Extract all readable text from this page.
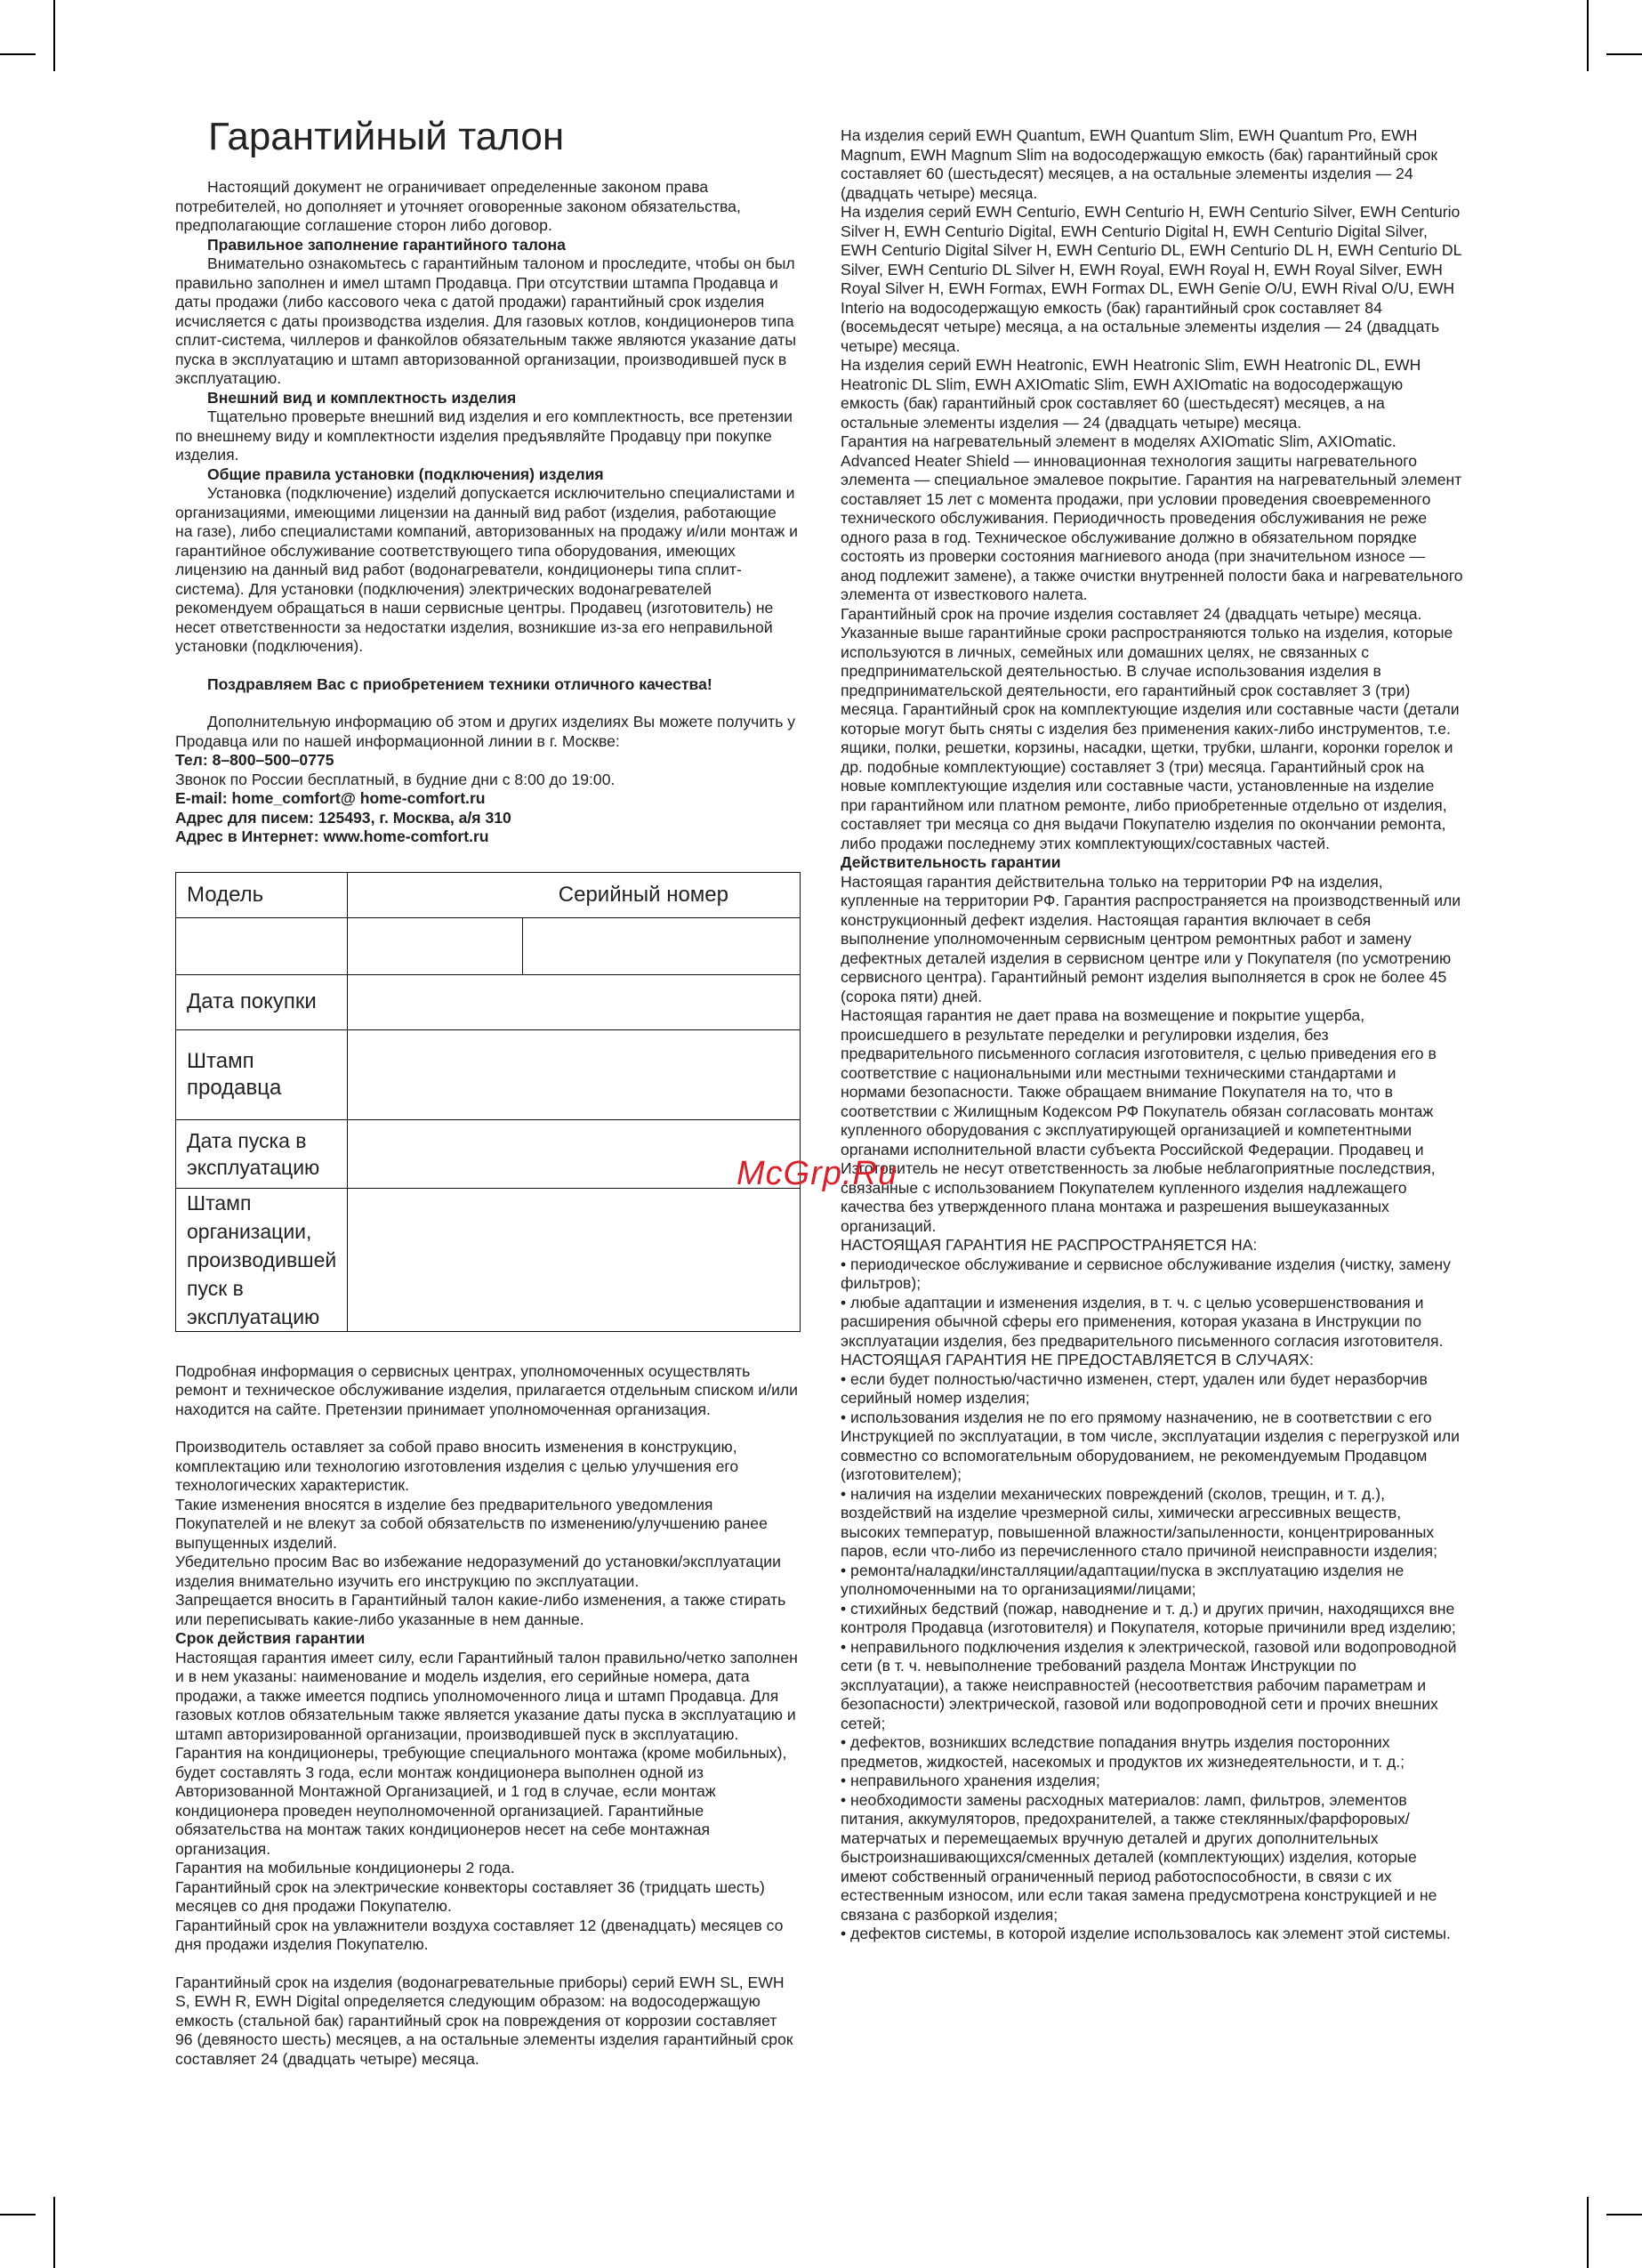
Гарантийный талон

Настоящий документ не ограничивает определенные законом права потребителей, но дополняет и уточняет оговоренные законом обязательства, предполагающие соглашение сторон либо договор.

Правильное заполнение гарантийного талона

Внимательно ознакомьтесь с гарантийным талоном и проследите, чтобы он был правильно заполнен и имел штамп Продавца. При отсутствии штампа Продавца и даты продажи (либо кассового чека с датой продажи) гарантийный срок изделия исчисляется с даты производства изделия. Для газовых котлов, кондиционеров типа сплит-система, чиллеров и фанкойлов обязательным также являются указание даты пуска в эксплуатацию и штамп авторизованной организации, производившей пуск в эксплуатацию.

Внешний вид и комплектность изделия

Тщательно проверьте внешний вид изделия и его комплектность, все претензии по внешнему виду и комплектности изделия предъявляйте Продавцу при покупке изделия.

Общие правила установки (подключения) изделия

Установка (подключение) изделий допускается исключительно специалистами и организациями, имеющими лицензии на данный вид работ (изделия, работающие на газе), либо специалистами компаний, авторизованных на продажу и/или монтаж и гарантийное обслуживание соответствующего типа оборудования, имеющих лицензию на данный вид работ (водонагреватели, кондиционеры типа сплит-система). Для установки (подключения) электрических водонагревателей рекомендуем обращаться в наши сервисные центры. Продавец (изготовитель) не несет ответственности за недостатки изделия, возникшие из-за его неправильной установки (подключения).

Поздравляем Вас с приобретением техники отличного качества!

Дополнительную информацию об этом и других изделиях Вы можете получить у Продавца или по нашей информационной линии в г. Москве:

Тел: 8–800–500–0775

Звонок по России бесплатный, в будние дни с 8:00 до 19:00.

E-mail: home_comfort@ home-comfort.ru

Адрес для писем: 125493, г. Москва, а/я 310

Адрес в Интернет: www.home-comfort.ru

Модель	Серийный номер	

Дата покупки		
Штамп продавца		
Дата пуска в эксплуатацию		
Штамп организации, производившей пуск в эксплуатацию		

Подробная информация о сервисных центрах, уполномоченных осуществлять ремонт и техническое обслуживание изделия, прилагается отдельным списком и/или находится на сайте. Претензии принимает уполномоченная организация.

Производитель оставляет за собой право вносить изменения в конструкцию, комплектацию или технологию изготовления изделия с целью улучшения его технологических характеристик.

Такие изменения вносятся в изделие без предварительного уведомления Покупателей и не влекут за собой обязательств по изменению/улучшению ранее выпущенных изделий.

Убедительно просим Вас во избежание недоразумений до установки/эксплуатации изделия внимательно изучить его инструкцию по эксплуатации.

Запрещается вносить в Гарантийный талон какие-либо изменения, а также стирать или переписывать какие-либо указанные в нем данные.

Срок действия гарантии

Настоящая гарантия имеет силу, если Гарантийный талон правильно/четко заполнен и в нем указаны: наименование и модель изделия, его серийные номера, дата продажи, а также имеется подпись уполномоченного лица и штамп Продавца. Для газовых котлов обязательным также является указание даты пуска в эксплуатацию и штамп авторизированной организации, производившей пуск в эксплуатацию.

Гарантия на кондиционеры, требующие специального монтажа (кроме мобильных), будет составлять 3 года, если монтаж кондиционера выполнен одной из Авторизованной Монтажной Организацией, и 1 год в случае, если монтаж кондиционера проведен неуполномоченной организацией. Гарантийные обязательства на монтаж таких кондиционеров несет на себе монтажная организация.

Гарантия на мобильные кондиционеры 2 года.

Гарантийный срок на электрические конвекторы составляет 36 (тридцать шесть) месяцев со дня продажи Покупателю.

Гарантийный срок на увлажнители воздуха составляет 12 (двенадцать) месяцев со дня продажи изделия Покупателю.

Гарантийный срок на изделия (водонагревательные приборы) серий EWH SL, EWH S, EWH R, EWH Digital определяется следующим образом: на водосодержащую емкость (стальной бак) гарантийный срок на повреждения от коррозии составляет 96 (девяносто шесть) месяцев, а на остальные элементы изделия гарантийный срок составляет 24 (двадцать четыре) месяца.

На изделия серий EWH Quantum, EWH Quantum Slim, EWH Quantum Pro, EWH Magnum, EWH Magnum Slim на водосодержащую емкость (бак) гарантийный срок составляет 60 (шестьдесят) месяцев, а на остальные элементы изделия — 24 (двадцать четыре) месяца.

На изделия серий EWH Centurio, EWH Centurio H, EWH Centurio Silver, EWH Centurio Silver H, EWH Centurio Digital, EWH Centurio Digital H, EWH Centurio Digital Silver, EWH Centurio Digital Silver H, EWH Centurio DL, EWH Centurio DL H, EWH Centurio DL Silver, EWH Centurio DL Silver H, EWH Royal, EWH Royal H, EWH Royal Silver, EWH Royal Silver H, EWH Formax, EWH Formax DL, EWH Genie O/U, EWH Rival O/U, EWH Interio на водосодержащую емкость (бак) гарантийный срок составляет 84 (восемьдесят четыре) месяца, а на остальные элементы изделия — 24 (двадцать четыре) месяца.

На изделия серий EWH Heatronic, EWH Heatronic Slim, EWH Heatronic DL, EWH Heatronic DL Slim, EWH AXIOmatic Slim, EWH AXIOmatic на водосодержащую емкость (бак) гарантийный срок составляет 60 (шестьдесят) месяцев, а на остальные элементы изделия — 24 (двадцать четыре) месяца.

Гарантия на нагревательный элемент в моделях AXIOmatic Slim, AXIOmatic. Advanced Heater Shield — инновационная технология защиты нагревательного элемента — специальное эмалевое покрытие. Гарантия на нагревательный элемент составляет 15 лет с момента продажи, при условии проведения своевременного технического обслуживания. Периодичность проведения обслуживания не реже одного раза в год. Техническое обслуживание должно в обязательном порядке состоять из проверки состояния магниевого анода (при значительном износе — анод подлежит замене), а также очистки внутренней полости бака и нагревательного элемента от известкового налета.

Гарантийный срок на прочие изделия составляет 24 (двадцать четыре) месяца. Указанные выше гарантийные сроки распространяются только на изделия, которые используются в личных, семейных или домашних целях, не связанных с предпринимательской деятельностью. В случае использования изделия в предпринимательской деятельности, его гарантийный срок составляет 3 (три) месяца. Гарантийный срок на комплектующие изделия или составные части (детали которые могут быть сняты с изделия без применения каких-либо инструментов, т.е. ящики, полки, решетки, корзины, насадки, щетки, трубки, шланги, коронки горелок и др. подобные комплектующие) составляет 3 (три) месяца. Гарантийный срок на новые комплектующие изделия или составные части, установленные на изделие при гарантийном или платном ремонте, либо приобретенные отдельно от изделия, составляет три месяца со дня выдачи Покупателю изделия по окончании ремонта, либо продажи последнему этих комплектующих/составных частей.

Действительность гарантии

Настоящая гарантия действительна только на территории РФ на изделия, купленные на территории РФ. Гарантия распространяется на производственный или конструкционный дефект изделия. Настоящая гарантия включает в себя выполнение уполномоченным сервисным центром ремонтных работ и замену дефектных деталей изделия в сервисном центре или у Покупателя (по усмотрению сервисного центра). Гарантийный ремонт изделия выполняется в срок не более 45 (сорока пяти) дней.

Настоящая гарантия не дает права на возмещение и покрытие ущерба, происшедшего в результате переделки и регулировки изделия, без предварительного письменного согласия изготовителя, с целью приведения его в соответствие с национальными или местными техническими стандартами и нормами безопасности. Также обращаем внимание Покупателя на то, что в соответствии с Жилищным Кодексом РФ Покупатель обязан согласовать монтаж купленного оборудования с эксплуатирующей организацией и компетентными органами исполнительной власти субъекта Российской Федерации. Продавец и Изготовитель не несут ответственность за любые неблагоприятные последствия, связанные с использованием Покупателем купленного изделия надлежащего качества без утвержденного плана монтажа и разрешения вышеуказанных организаций.

НАСТОЯЩАЯ ГАРАНТИЯ НЕ РАСПРОСТРАНЯЕТСЯ НА:

• периодическое обслуживание и сервисное обслуживание изделия (чистку, замену фильтров);

• любые адаптации и изменения изделия, в т. ч. с целью усовершенствования и расширения обычной сферы его применения, которая указана в Инструкции по эксплуатации изделия, без предварительного письменного согласия изготовителя.

НАСТОЯЩАЯ ГАРАНТИЯ НЕ ПРЕДОСТАВЛЯЕТСЯ В СЛУЧАЯХ:

• если будет полностью/частично изменен, стерт, удален или будет неразборчив серийный номер изделия;

• использования изделия не по его прямому назначению, не в соответствии с его Инструкцией по эксплуатации, в том числе, эксплуатации изделия с перегрузкой или совместно со вспомогательным оборудованием, не рекомендуемым Продавцом (изготовителем);

• наличия на изделии механических повреждений (сколов, трещин, и т. д.), воздействий на изделие чрезмерной силы, химически агрессивных веществ, высоких температур, повышенной влажности/запыленности, концентрированных паров, если что-либо из перечисленного стало причиной неисправности изделия;

• ремонта/наладки/инсталляции/адаптации/пуска в эксплуатацию изделия не уполномоченными на то организациями/лицами;

• стихийных бедствий (пожар, наводнение и т. д.) и других причин, находящихся вне контроля Продавца (изготовителя) и Покупателя, которые причинили вред изделию;

• неправильного подключения изделия к электрической, газовой или водопроводной сети (в т. ч. невыполнение требований раздела Монтаж Инструкции по эксплуатации), а также неисправностей (несоответствия рабочим параметрам и безопасности) электрической, газовой или водопроводной сети и прочих внешних сетей;

• дефектов, возникших вследствие попадания внутрь изделия посторонних предметов, жидкостей, насекомых и продуктов их жизнедеятельности, и т. д.;

• неправильного хранения изделия;

• необходимости замены расходных материалов: ламп, фильтров, элементов питания, аккумуляторов, предохранителей, а также стеклянных/фарфоровых/матерчатых и перемещаемых вручную деталей и других дополнительных быстроизнашивающихся/сменных деталей (комплектующих) изделия, которые имеют собственный ограниченный период работоспособности, в связи с их естественным износом, или если такая замена предусмотрена конструкцией и не связана с разборкой изделия;

• дефектов системы, в которой изделие использовалось как элемент этой системы.

McGrp.Ru
